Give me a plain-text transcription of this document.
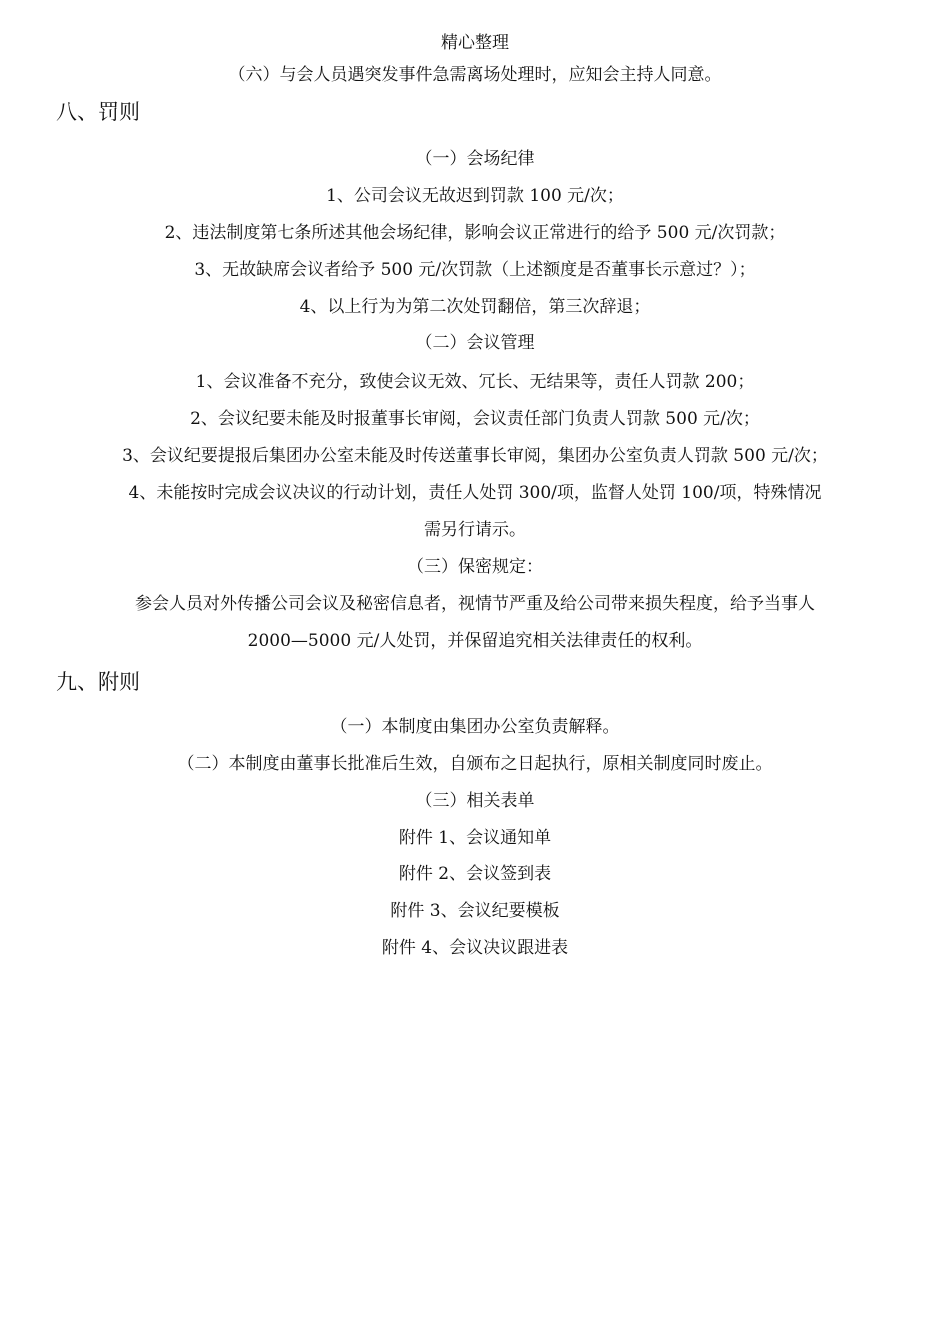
精心整理
（六）与会人员遇突发事件急需离场处理时，应知会主持人同意。
八、罚则
（一）会场纪律
1、公司会议无故迟到罚款 100 元/次；
2、违法制度第七条所述其他会场纪律，影响会议正常进行的给予 500 元/次罚款；
3、无故缺席会议者给予 500 元/次罚款（上述额度是否董事长示意过？）；
4、以上行为为第二次处罚翻倍，第三次辞退；
（二）会议管理
1、会议准备不充分，致使会议无效、冗长、无结果等，责任人罚款 200；
2、会议纪要未能及时报董事长审阅，会议责任部门负责人罚款 500 元/次；
3、会议纪要提报后集团办公室未能及时传送董事长审阅，集团办公室负责人罚款 500 元/次；
4、未能按时完成会议决议的行动计划，责任人处罚 300/项，监督人处罚 100/项，特殊情况
需另行请示。
（三）保密规定：
参会人员对外传播公司会议及秘密信息者，视情节严重及给公司带来损失程度，给予当事人
2000—5000 元/人处罚，并保留追究相关法律责任的权利。
九、附则
（一）本制度由集团办公室负责解释。
（二）本制度由董事长批准后生效，自颁布之日起执行，原相关制度同时废止。
（三）相关表单
附件 1、会议通知单
附件 2、会议签到表
附件 3、会议纪要模板
附件 4、会议决议跟进表
